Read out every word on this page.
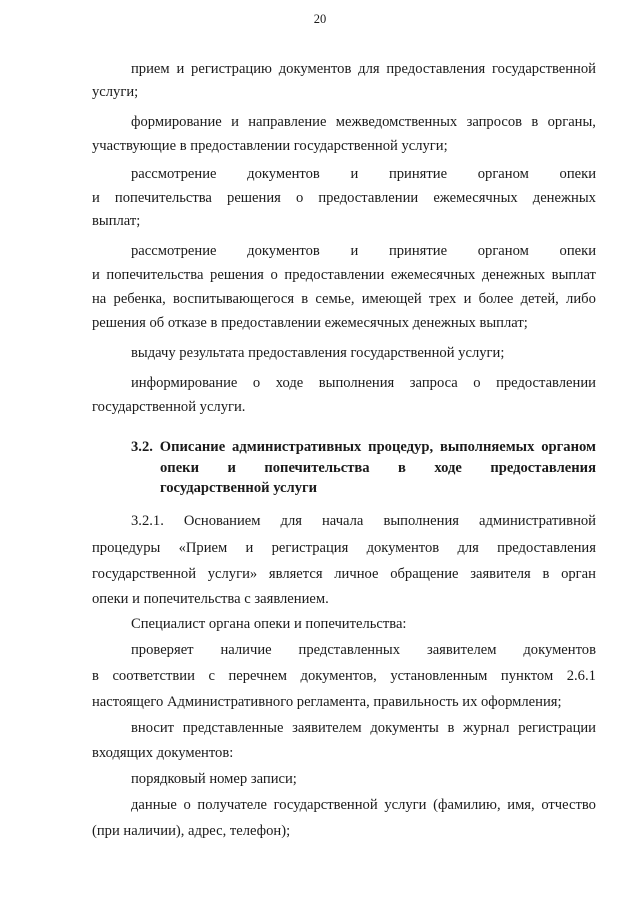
20
прием и регистрацию документов для предоставления государственной
услуги;
формирование и направление межведомственных запросов в органы,
участвующие в предоставлении государственной услуги;
рассмотрение документов и принятие органом опеки
и попечительства решения о предоставлении ежемесячных денежных
выплат;
рассмотрение документов и принятие органом опеки
и попечительства решения о предоставлении ежемесячных денежных выплат
на ребенка, воспитывающегося в семье, имеющей трех и более детей, либо
решения об отказе в предоставлении ежемесячных денежных выплат;
выдачу результата предоставления государственной услуги;
информирование о ходе выполнения запроса о предоставлении
государственной услуги.
3.2. Описание административных процедур, выполняемых органом
опеки и попечительства в ходе предоставления
государственной услуги
3.2.1. Основанием для начала выполнения административной
процедуры «Прием и регистрация документов для предоставления
государственной услуги» является личное обращение заявителя в орган
опеки и попечительства с заявлением.
Специалист органа опеки и попечительства:
проверяет наличие представленных заявителем документов
в соответствии с перечнем документов, установленным пунктом 2.6.1
настоящего Административного регламента, правильность их оформления;
вносит представленные заявителем документы в журнал регистрации
входящих документов:
порядковый номер записи;
данные о получателе государственной услуги (фамилию, имя, отчество
(при наличии), адрес, телефон);
